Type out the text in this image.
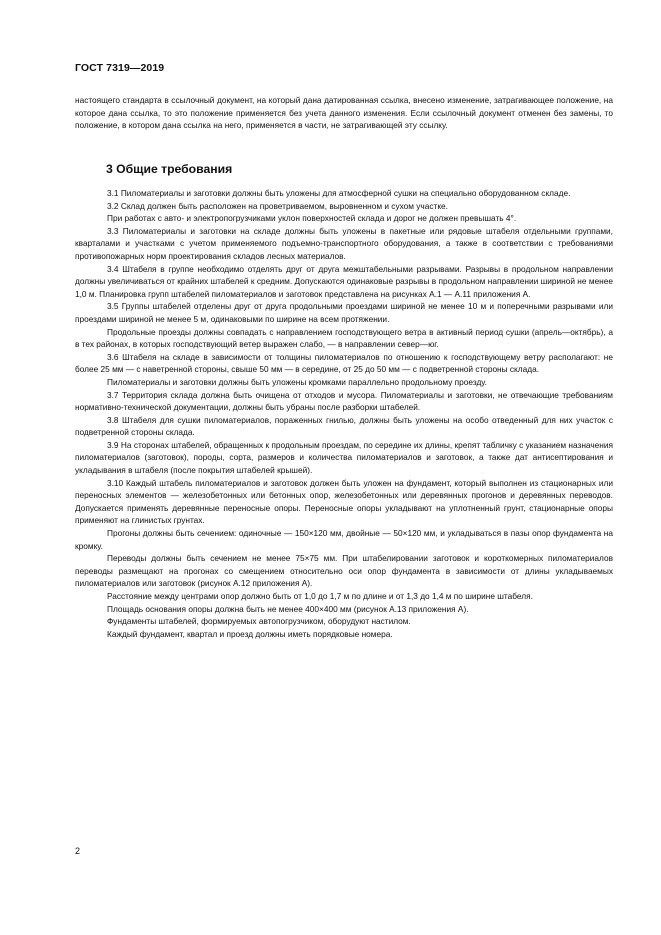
ГОСТ 7319—2019

настоящего стандарта в ссылочный документ, на который дана датированная ссылка, внесено изменение, затрагивающее положение, на которое дана ссылка, то это положение применяется без учета данного изменения. Если ссылочный документ отменен без замены, то положение, в котором дана ссылка на него, применяется в части, не затрагивающей эту ссылку.

3 Общие требования

3.1 Пиломатериалы и заготовки должны быть уложены для атмосферной сушки на специально оборудованном складе.

3.2 Склад должен быть расположен на проветриваемом, выровненном и сухом участке.

При работах с авто- и электропогрузчиками уклон поверхностей склада и дорог не должен превышать 4°.

3.3 Пиломатериалы и заготовки на складе должны быть уложены в пакетные или рядовые штабеля отдельными группами, кварталами и участками с учетом применяемого подъемно-транспортного оборудования, а также в соответствии с требованиями противопожарных норм проектирования складов лесных материалов.

3.4 Штабеля в группе необходимо отделять друг от друга межштабельными разрывами. Разрывы в продольном направлении должны увеличиваться от крайних штабелей к средним. Допускаются одинаковые разрывы в продольном направлении шириной не менее 1,0 м. Планировка групп штабелей пиломатериалов и заготовок представлена на рисунках А.1 — А.11 приложения А.

3.5 Группы штабелей отделены друг от друга продольными проездами шириной не менее 10 м и поперечными разрывами или проездами шириной не менее 5 м, одинаковыми по ширине на всем протяжении.

Продольные проезды должны совпадать с направлением господствующего ветра в активный период сушки (апрель—октябрь), а в тех районах, в которых господствующий ветер выражен слабо, — в направлении север—юг.

3.6 Штабеля на складе в зависимости от толщины пиломатериалов по отношению к господствующему ветру располагают: не более 25 мм — с наветренной стороны, свыше 50 мм — в середине, от 25 до 50 мм — с подветренной стороны склада.

Пиломатериалы и заготовки должны быть уложены кромками параллельно продольному проезду.

3.7 Территория склада должна быть очищена от отходов и мусора. Пиломатериалы и заготовки, не отвечающие требованиям нормативно-технической документации, должны быть убраны после разборки штабелей.

3.8 Штабеля для сушки пиломатериалов, пораженных гнилью, должны быть уложены на особо отведенный для них участок с подветренной стороны склада.

3.9 На сторонах штабелей, обращенных к продольным проездам, по середине их длины, крепят табличку с указанием назначения пиломатериалов (заготовок), породы, сорта, размеров и количества пиломатериалов и заготовок, а также дат антисептирования и укладывания в штабеля (после покрытия штабелей крышей).

3.10 Каждый штабель пиломатериалов и заготовок должен быть уложен на фундамент, который выполнен из стационарных или переносных элементов — железобетонных или бетонных опор, железобетонных или деревянных прогонов и деревянных переводов. Допускается применять деревянные переносные опоры. Переносные опоры укладывают на уплотненный грунт, стационарные опоры применяют на глинистых грунтах.

Прогоны должны быть сечением: одиночные — 150×120 мм, двойные — 50×120 мм, и укладываться в пазы опор фундамента на кромку.

Переводы должны быть сечением не менее 75×75 мм. При штабелировании заготовок и короткомерных пиломатериалов переводы размещают на прогонах со смещением относительно оси опор фундамента в зависимости от длины укладываемых пиломатериалов или заготовок (рисунок А.12 приложения А).

Расстояние между центрами опор должно быть от 1,0 до 1,7 м по длине и от 1,3 до 1,4 м по ширине штабеля.

Площадь основания опоры должна быть не менее 400×400 мм (рисунок А.13 приложения А).

Фундаменты штабелей, формируемых автопогрузчиком, оборудуют настилом.

Каждый фундамент, квартал и проезд должны иметь порядковые номера.

2
